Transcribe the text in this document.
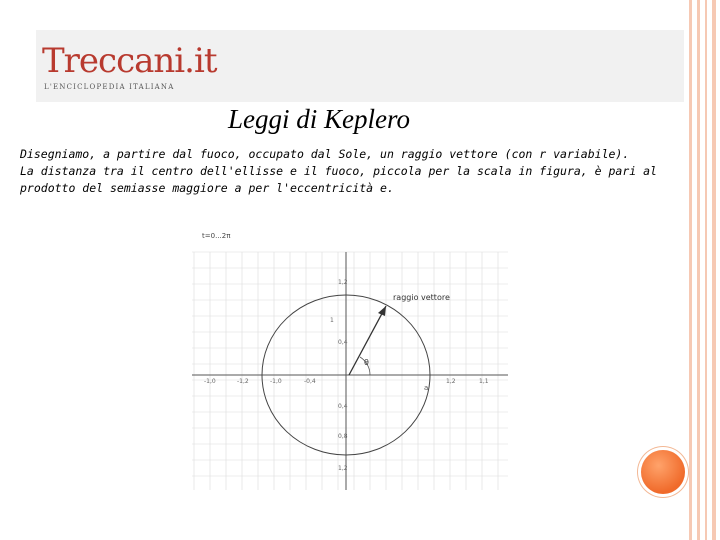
Treccani.it
L'ENCICLOPEDIA ITALIANA
Leggi di Keplero
Disegniamo, a partire dal fuoco, occupato dal Sole, un raggio vettore (con r variabile).
La distanza tra il centro dell'ellisse e il fuoco, piccola per la scala in figura, è pari al
prodotto del semiasse maggiore a per l'eccentricità e.
t=0...2π
raggio vettore
θ
-1,0	-1,2	-1,0	-0,4
a
1,2	1,1
1,2
1
0,4
0,4
0,8
1,2
